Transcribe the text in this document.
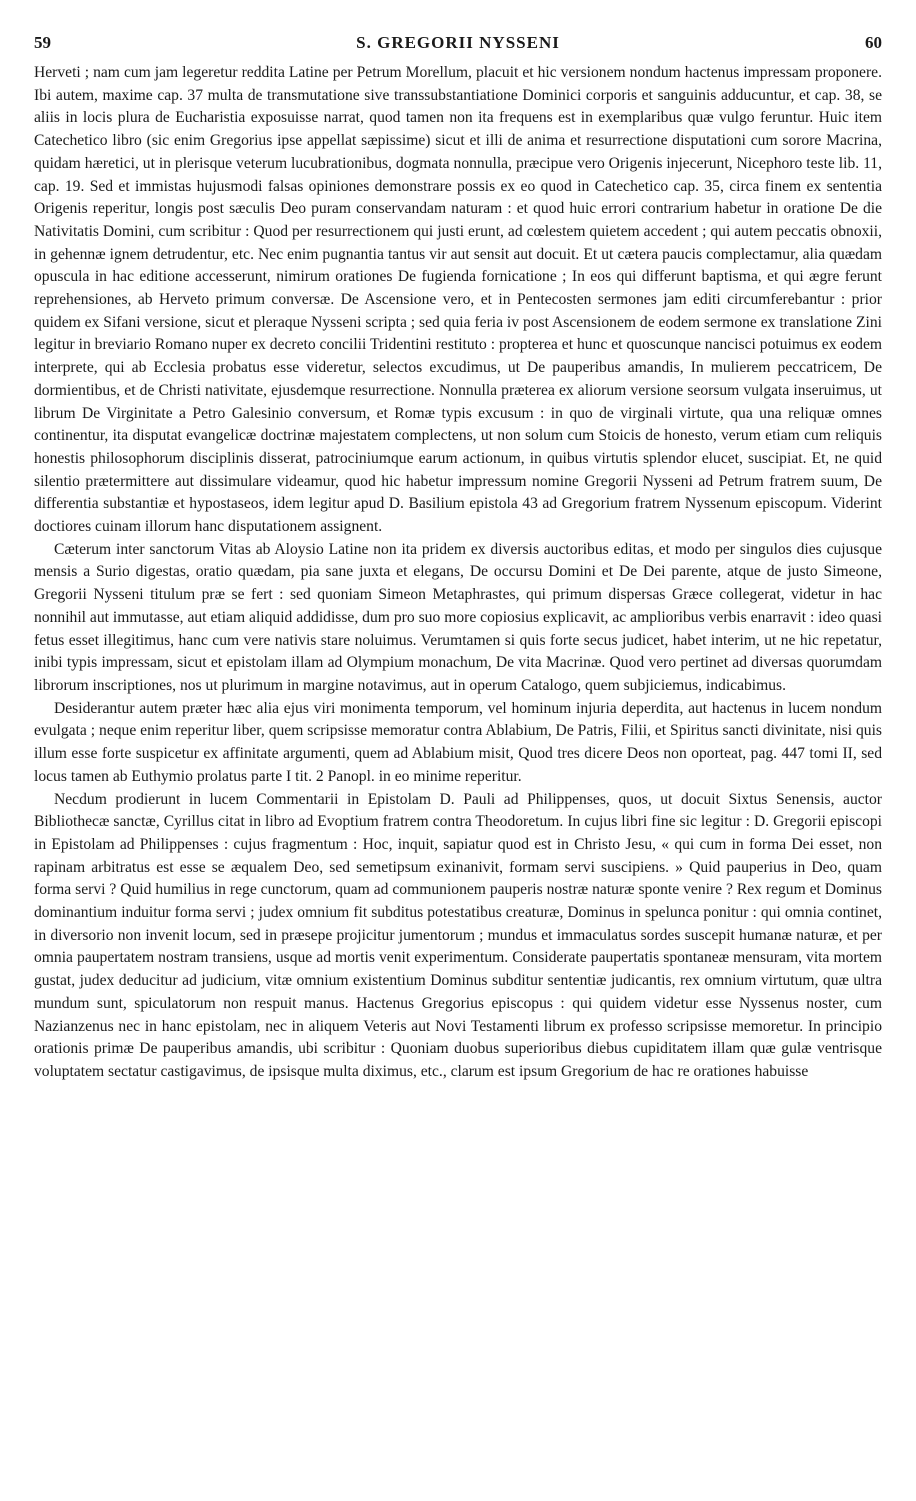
59	S. GREGORII NYSSENI	60

Herveti ; nam cum jam legeretur reddita Latine per Petrum Morellum, placuit et hic versionem nondum hactenus impressam proponere. Ibi autem, maxime cap. 37 multa de transmutatione sive transsubstantiatione Dominici corporis et sanguinis adducuntur, et cap. 38, se aliis in locis plura de Eucharistia exposuisse narrat, quod tamen non ita frequens est in exemplaribus quæ vulgo feruntur. Huic item Catechetico libro (sic enim Gregorius ipse appellat sæpissime) sicut et illi de anima et resurrectione disputationi cum sorore Macrina, quidam hæretici, ut in plerisque veterum lucubrationibus, dogmata nonnulla, præcipue vero Origenis injecerunt, Nicephoro teste lib. 11, cap. 19. Sed et immistas hujusmodi falsas opiniones demonstrare possis ex eo quod in Catechetico cap. 35, circa finem ex sententia Origenis reperitur, longis post sæculis Deo puram conservandam naturam : et quod huic errori contrarium habetur in oratione De die Nativitatis Domini, cum scribitur : Quod per resurrectionem qui justi erunt, ad cœlestem quietem accedent ; qui autem peccatis obnoxii, in gehennæ ignem detrudentur, etc. Nec enim pugnantia tantus vir aut sensit aut docuit. Et ut cætera paucis complectamur, alia quædam opuscula in hac editione accesserunt, nimirum orationes De fugienda fornicatione ; In eos qui differunt baptisma, et qui ægre ferunt reprehensiones, ab Herveto primum conversæ. De Ascensione vero, et in Pentecosten sermones jam editi circumferebantur : prior quidem ex Sifani versione, sicut et pleraque Nysseni scripta ; sed quia feria iv post Ascensionem de eodem sermone ex translatione Zini legitur in breviario Romano nuper ex decreto concilii Tridentini restituto : propterea et hunc et quoscunque nancisci potuimus ex eodem interprete, qui ab Ecclesia probatus esse videretur, selectos excudimus, ut De pauperibus amandis, In mulierem peccatricem, De dormientibus, et de Christi nativitate, ejusdemque resurrectione. Nonnulla præterea ex aliorum versione seorsum vulgata inseruimus, ut librum De Virginitate a Petro Galesinio conversum, et Romæ typis excusum : in quo de virginali virtute, qua una reliquæ omnes continentur, ita disputat evangelicæ doctrinæ majestatem complectens, ut non solum cum Stoicis de honesto, verum etiam cum reliquis honestis philosophorum disciplinis disserat, patrociniumque earum actionum, in quibus virtutis splendor elucet, suscipiat. Et, ne quid silentio prætermittere aut dissimulare videamur, quod hic habetur impressum nomine Gregorii Nysseni ad Petrum fratrem suum, De differentia substantiæ et hypostaseos, idem legitur apud D. Basilium epistola 43 ad Gregorium fratrem Nyssenum episcopum. Viderint doctiores cuinam illorum hanc disputationem assignent.

Cæterum inter sanctorum Vitas ab Aloysio Latine non ita pridem ex diversis auctoribus editas, et modo per singulos dies cujusque mensis a Surio digestas, oratio quædam, pia sane juxta et elegans, De occursu Domini et De Dei parente, atque de justo Simeone, Gregorii Nysseni titulum præ se fert : sed quoniam Simeon Metaphrastes, qui primum dispersas Græce collegerat, videtur in hac nonnihil aut immutasse, aut etiam aliquid addidisse, dum pro suo more copiosius explicavit, ac amplioribus verbis enarravit : ideo quasi fetus esset illegitimus, hanc cum vere nativis stare noluimus. Verumtamen si quis forte secus judicet, habet interim, ut ne hic repetatur, inibi typis impressam, sicut et epistolam illam ad Olympium monachum, De vita Macrinæ. Quod vero pertinet ad diversas quorumdam librorum inscriptiones, nos ut plurimum in margine notavimus, aut in operum Catalogo, quem subjiciemus, indicabimus.

Desiderantur autem præter hæc alia ejus viri monimenta temporum, vel hominum injuria deperdita, aut hactenus in lucem nondum evulgata ; neque enim reperitur liber, quem scripsisse memoratur contra Ablabium, De Patris, Filii, et Spiritus sancti divinitate, nisi quis illum esse forte suspicetur ex affinitate argumenti, quem ad Ablabium misit, Quod tres dicere Deos non oporteat, pag. 447 tomi II, sed locus tamen ab Euthymio prolatus parte I tit. 2 Panopl. in eo minime reperitur.

Necdum prodierunt in lucem Commentarii in Epistolam D. Pauli ad Philippenses, quos, ut docuit Sixtus Senensis, auctor Bibliothecæ sanctæ, Cyrillus citat in libro ad Evoptium fratrem contra Theodoretum. In cujus libri fine sic legitur : D. Gregorii episcopi in Epistolam ad Philippenses : cujus fragmentum : Hoc, inquit, sapiatur quod est in Christo Jesu, « qui cum in forma Dei esset, non rapinam arbitratus est esse se æqualem Deo, sed semetipsum exinanivit, formam servi suscipiens. » Quid pauperius in Deo, quam forma servi ? Quid humilius in rege cunctorum, quam ad communionem pauperis nostræ naturæ sponte venire ? Rex regum et Dominus dominantium induitur forma servi ; judex omnium fit subditus potestatibus creaturæ, Dominus in spelunca ponitur : qui omnia continet, in diversorio non invenit locum, sed in præsepe projicitur jumentorum ; mundus et immaculatus sordes suscepit humanæ naturæ, et per omnia paupertatem nostram transiens, usque ad mortis venit experimentum. Considerate paupertatis spontaneæ mensuram, vita mortem gustat, judex deducitur ad judicium, vitæ omnium existentium Dominus subditur sententiæ judicantis, rex omnium virtutum, quæ ultra mundum sunt, spiculatorum non respuit manus. Hactenus Gregorius episcopus : qui quidem videtur esse Nyssenus noster, cum Nazianzenus nec in hanc epistolam, nec in aliquem Veteris aut Novi Testamenti librum ex professo scripsisse memoretur. In principio orationis primæ De pauperibus amandis, ubi scribitur : Quoniam duobus superioribus diebus cupiditatem illam quæ gulæ ventrisque voluptatem sectatur castigavimus, de ipsisque multa diximus, etc., clarum est ipsum Gregorium de hac re orationes habuisse
